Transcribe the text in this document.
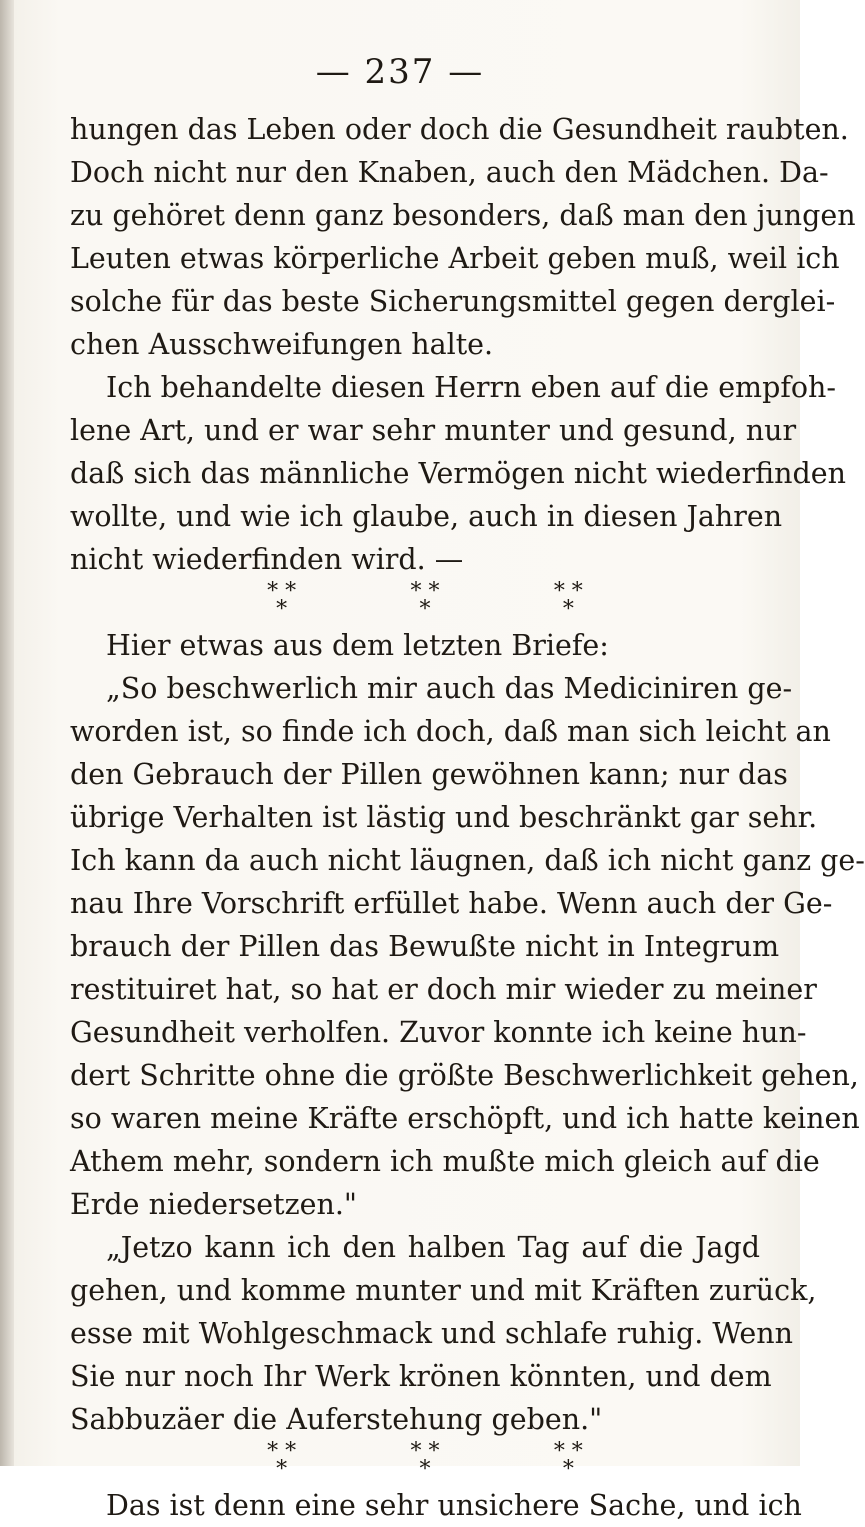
— 237 —

hungen das Leben oder doch die Gesundheit raubten.
Doch nicht nur den Knaben, auch den Mädchen. Da-
zu gehöret denn ganz besonders, daß man den jungen
Leuten etwas körperliche Arbeit geben muß, weil ich
solche für das beste Sicherungsmittel gegen derglei-
chen Ausschweifungen halte.

Ich behandelte diesen Herrn eben auf die empfoh-
lene Art, und er war sehr munter und gesund, nur
daß sich das männliche Vermögen nicht wiederfinden
wollte, und wie ich glaube, auch in diesen Jahren
nicht wiederfinden wird. —

* *
*
* *
*
* *
*

Hier etwas aus dem letzten Briefe:
„So beschwerlich mir auch das Mediciniren ge-
worden ist, so finde ich doch, daß man sich leicht an
den Gebrauch der Pillen gewöhnen kann; nur das
übrige Verhalten ist lästig und beschränkt gar sehr.
Ich kann da auch nicht läugnen, daß ich nicht ganz ge-
nau Ihre Vorschrift erfüllet habe. Wenn auch der Ge-
brauch der Pillen das Bewußte nicht in Integrum
restituiret hat, so hat er doch mir wieder zu meiner
Gesundheit verholfen. Zuvor konnte ich keine hun-
dert Schritte ohne die größte Beschwerlichkeit gehen,
so waren meine Kräfte erschöpft, und ich hatte keinen
Athem mehr, sondern ich mußte mich gleich auf die
Erde niedersetzen."

„Jetzo kann ich den halben Tag auf die Jagd
gehen, und komme munter und mit Kräften zurück,
esse mit Wohlgeschmack und schlafe ruhig. Wenn
Sie nur noch Ihr Werk krönen könnten, und dem
Sabbuzäer die Auferstehung geben."

* *
*
* *
*
* *
*

Das ist denn eine sehr unsichere Sache, und ich
